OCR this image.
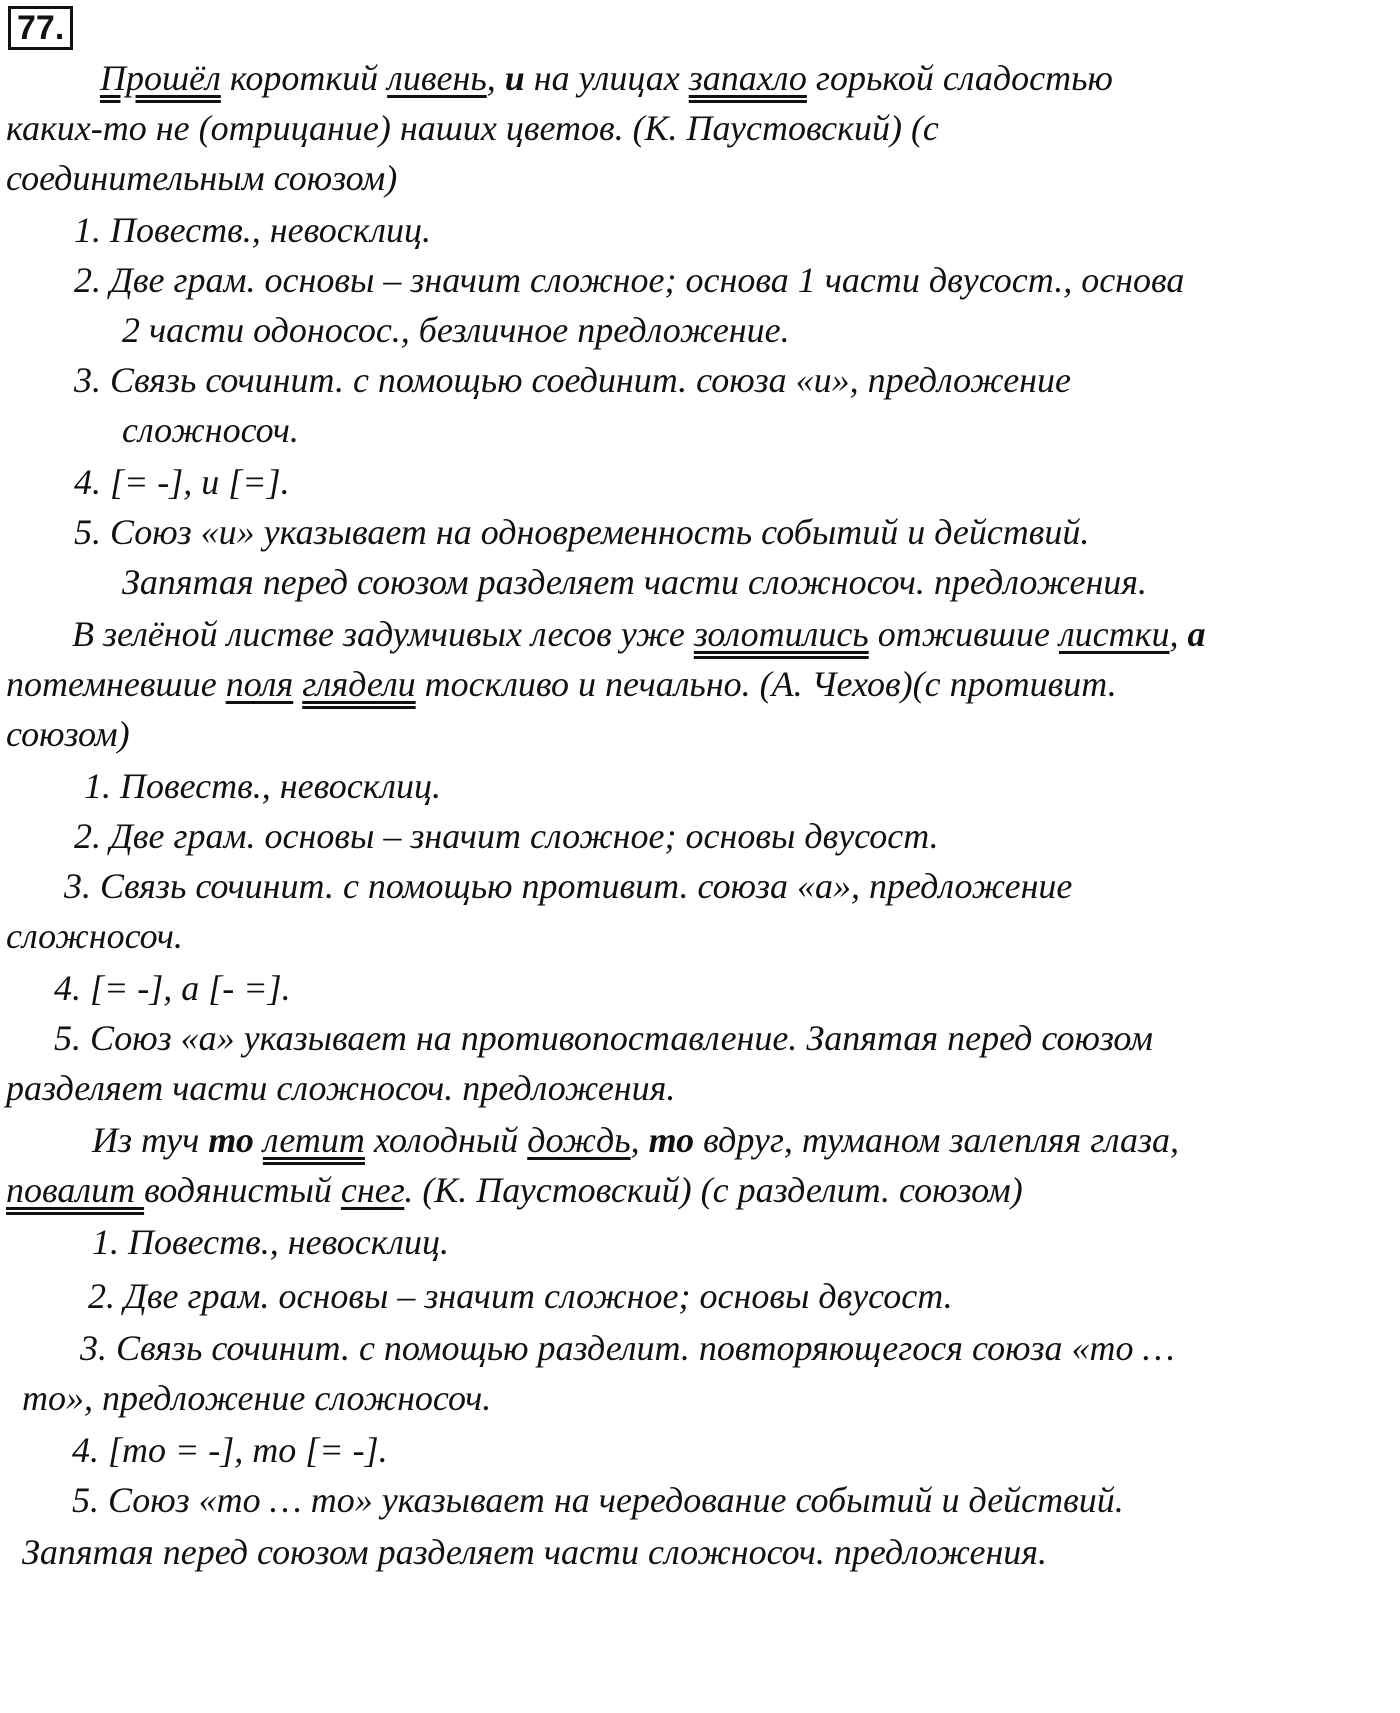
77.
Прошёл короткий ливень, и на улицах запахло горькой сладостью
каких-то не (отрицание) наших цветов. (К. Паустовский) (с
соединительным союзом)
1. Повеств., невосклиц.
2. Две грам. основы – значит сложное; основа 1 части двусост., основа
2 части одоносос., безличное предложение.
3. Связь сочинит. с помощью соединит. союза «и», предложение
сложносоч.
4. [= -], и [=].
5. Союз «и» указывает на одновременность событий и действий.
Запятая перед союзом разделяет части сложносоч. предложения.
В зелёной листве задумчивых лесов уже золотились отжившие листки, а
потемневшие поля глядели тоскливо и печально. (А. Чехов)(с противит.
союзом)
1. Повеств., невосклиц.
2. Две грам. основы – значит сложное; основы двусост.
3. Связь сочинит. с помощью противит. союза «а», предложение
сложносоч.
4. [= -], а [- =].
5. Союз «а» указывает на противопоставление. Запятая перед союзом
разделяет части сложносоч. предложения.
Из туч то летит холодный дождь, то вдруг, туманом залепляя глаза,
повалит водянистый снег. (К. Паустовский) (с разделит. союзом)
1. Повеств., невосклиц.
2. Две грам. основы – значит сложное; основы двусост.
3. Связь сочинит. с помощью разделит. повторяющегося союза «то …
то», предложение сложносоч.
4. [то = -], то [= -].
5. Союз «то … то» указывает на чередование событий и действий.
Запятая перед союзом разделяет части сложносоч. предложения.
